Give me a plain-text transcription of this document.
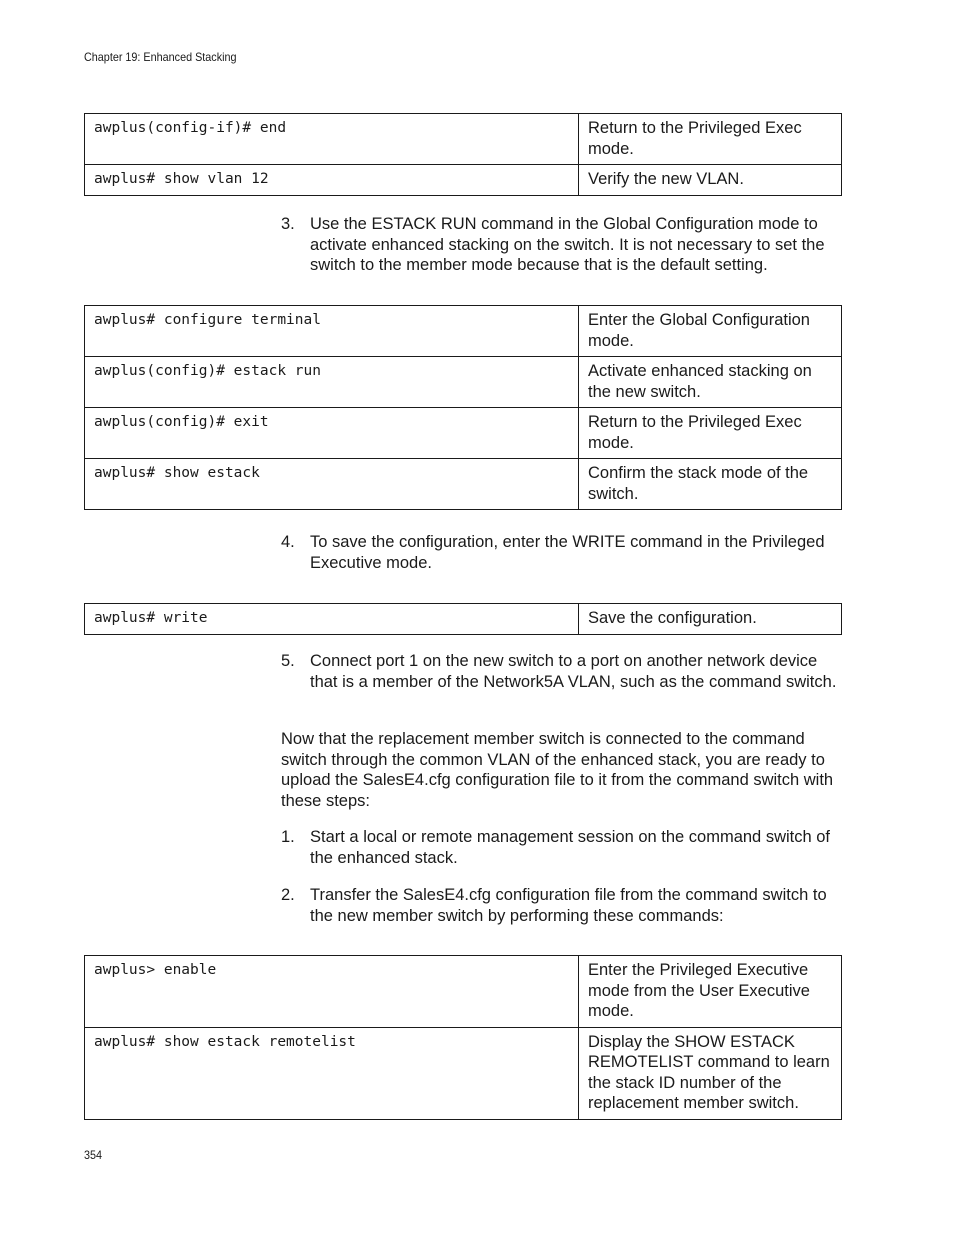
Chapter 19: Enhanced Stacking
awplus(config-if)# end	Return to the Privileged Exec mode.
awplus# show vlan 12	Verify the new VLAN.
3. Use the ESTACK RUN command in the Global Configuration mode to activate enhanced stacking on the switch. It is not necessary to set the switch to the member mode because that is the default setting.
awplus# configure terminal	Enter the Global Configuration mode.
awplus(config)# estack run	Activate enhanced stacking on the new switch.
awplus(config)# exit	Return to the Privileged Exec mode.
awplus# show estack	Confirm the stack mode of the switch.
4. To save the configuration, enter the WRITE command in the Privileged Executive mode.
awplus# write	Save the configuration.
5. Connect port 1 on the new switch to a port on another network device that is a member of the Network5A VLAN, such as the command switch.
Now that the replacement member switch is connected to the command switch through the common VLAN of the enhanced stack, you are ready to upload the SalesE4.cfg configuration file to it from the command switch with these steps:
1. Start a local or remote management session on the command switch of the enhanced stack.
2. Transfer the SalesE4.cfg configuration file from the command switch to the new member switch by performing these commands:
awplus> enable	Enter the Privileged Executive mode from the User Executive mode.
awplus# show estack remotelist	Display the SHOW ESTACK REMOTELIST command to learn the stack ID number of the replacement member switch.
354
